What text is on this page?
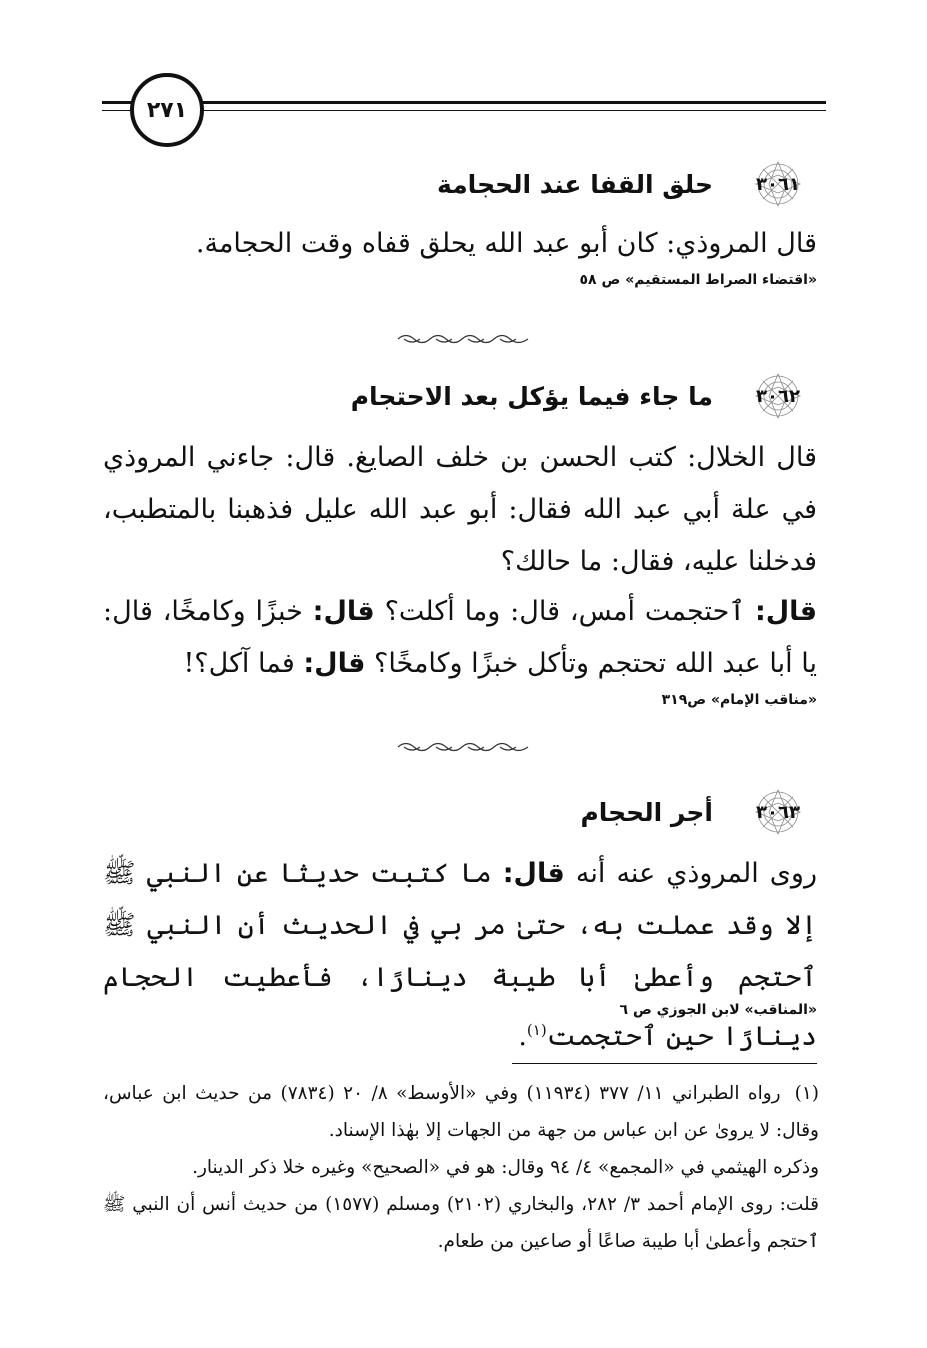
٢٧١
٣٠٦١
حلق القفا عند الحجامة
قال المروذي: كان أبو عبد الله يحلق قفاه وقت الحجامة.
«اقتضاء الصراط المستقيم» ص ٥٨
٣٠٦٢
ما جاء فيما يؤكل بعد الاحتجام
قال الخلال: كتب الحسن بن خلف الصايغ. قال: جاءني المروذي في علة أبي عبد الله فقال: أبو عبد الله عليل فذهبنا بالمتطبب، فدخلنا عليه، فقال: ما حالك؟
قال: ٱحتجمت أمس، قال: وما أكلت؟ قال: خبزًا وكامخًا، قال: يا أبا عبد الله تحتجم وتأكل خبزًا وكامخًا؟ قال: فما آكل؟!
«مناقب الإمام» ص٣١٩
٣٠٦٣
أجر الحجام
روى المروذي عنه أنه قال: ما كتبت حديثا عن النبي ﷺ إلا وقد عملت به، حتىٰ مر بي في الحديث أن النبي ﷺ ٱحتجم وأعطىٰ أبا طيبة دينارًا، فأعطيت الحجام دينارًا حين ٱحتجمت$^{(١)}$.
«المناقب» لابن الجوزي ص ٦
(١)رواه الطبراني ١١/ ٣٧٧ (١١٩٣٤) وفي «الأوسط» ٨/ ٢٠ (٧٨٣٤) من حديث ابن عباس، وقال: لا يرو‌ىٰ عن ابن عباس من جهة من الجهات إلا بهٰذا الإسناد.
وذكره الهيثمي في «المجمع» ٤/ ٩٤ وقال: هو في «الصحيح» وغيره خلا ذكر الدينار.
قلت: روى الإمام أحمد ٣/ ٢٨٢، والبخاري (٢١٠٢) ومسلم (١٥٧٧) من حديث أنس أن النبي ﷺ ٱحتجم وأعطىٰ أبا طيبة صاعًا أو صاعين من طعام.
